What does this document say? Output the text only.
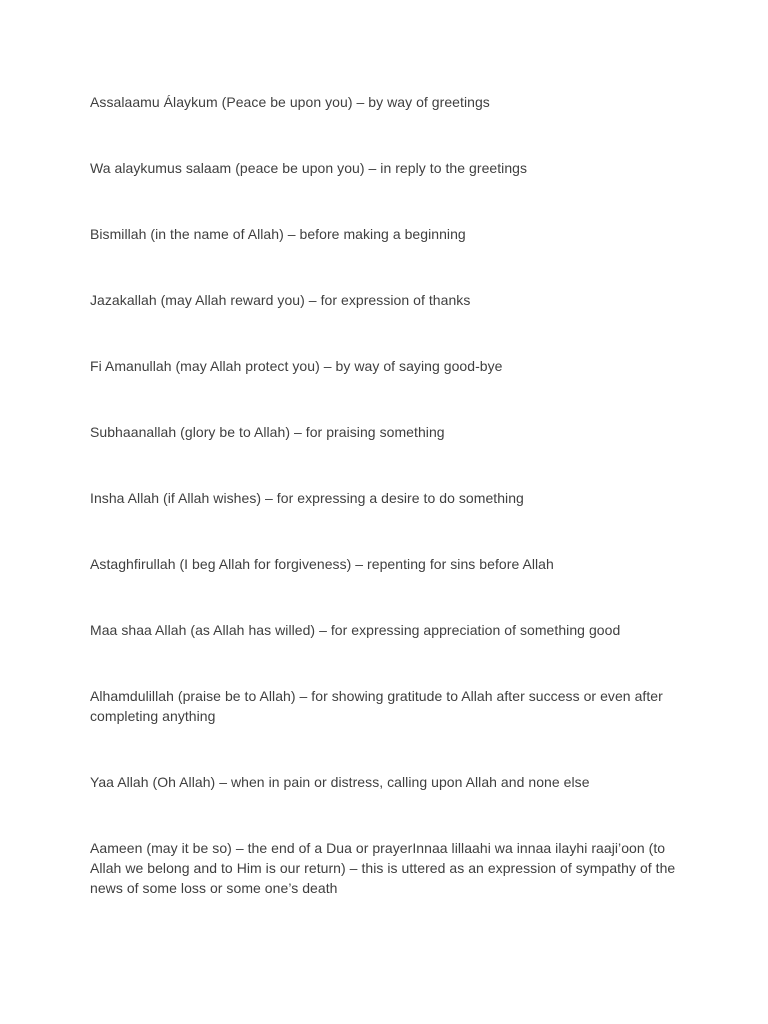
Assalaamu Álaykum (Peace be upon you) – by way of greetings

Wa alaykumus salaam (peace be upon you) – in reply to the greetings

Bismillah (in the name of Allah) – before making a beginning

Jazakallah (may Allah reward you) – for expression of thanks

Fi Amanullah (may Allah protect you) – by way of saying good-bye

Subhaanallah (glory be to Allah) – for praising something

Insha Allah (if Allah wishes) – for expressing a desire to do something

Astaghfirullah (I beg Allah for forgiveness) – repenting for sins before Allah

Maa shaa Allah (as Allah has willed) – for expressing appreciation of something good

Alhamdulillah (praise be to Allah) – for showing gratitude to Allah after success or even after completing anything

Yaa Allah (Oh Allah) – when in pain or distress, calling upon Allah and none else

Aameen (may it be so) – the end of a Dua or prayerInnaa lillaahi wa innaa ilayhi raaji’oon (to Allah we belong and to Him is our return) – this is uttered as an expression of sympathy of the news of some loss or some one’s death
